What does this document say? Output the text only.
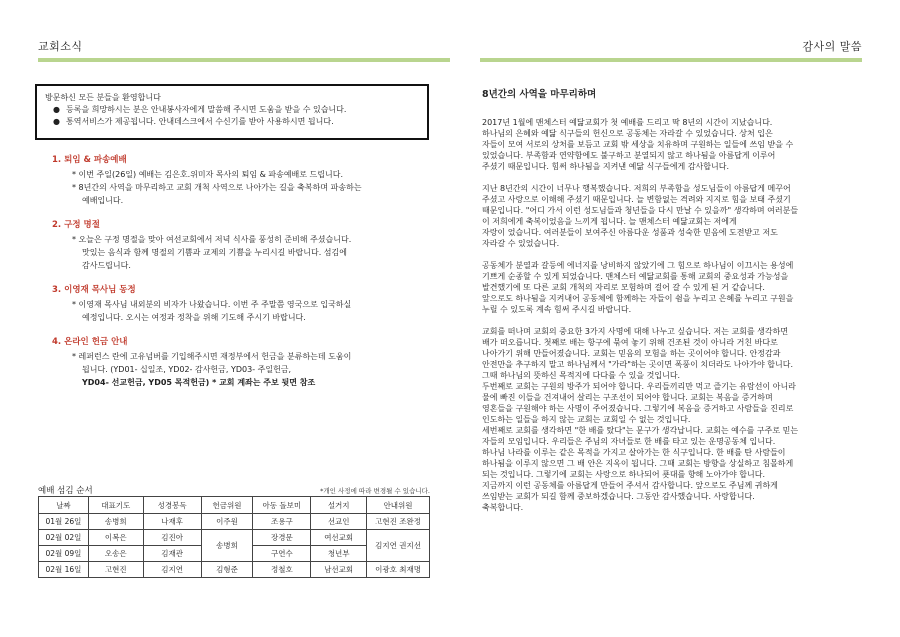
교회소식
방문하신 모든 분들을 환영합니다
● 등록을 희망하시는 분은 안내봉사자에게 말씀해 주시면 도움을 받을 수 있습니다.
● 통역서비스가 제공됩니다. 안내데스크에서 수신기를 받아 사용하시면 됩니다.
1. 퇴임 & 파송예배
* 이번 주일(26일) 예배는 김은호.위미자 목사의 퇴임 & 파송예배로 드립니다.
* 8년간의 사역을 마무리하고 교회 개척 사역으로 나아가는 길을 축복하며 파송하는
예배입니다.
2. 구정 명절
* 오늘은 구정 명절을 맞아 여선교회에서 저녁 식사를 풍성히 준비해 주셨습니다.
맛있는 음식과 함께 명절의 기쁨과 교제의 기쁨을 누리시길 바랍니다. 섬김에
감사드립니다.
3. 이영재 목사님 동정
* 이영재 목사님 내외분의 비자가 나왔습니다. 이번 주 주말쯤 영국으로 입국하실
예정입니다. 오시는 여정과 정착을 위해 기도해 주시기 바랍니다.
4. 온라인 헌금 안내
* 레퍼런스 란에 고유넘버를 기입해주시면 재정부에서 헌금을 분류하는데 도움이
됩니다. (YD01- 십일조, YD02- 감사헌금, YD03- 주일헌금,
YD04- 선교헌금, YD05 목적헌금) * 교회 계좌는 주보 뒷면 참조
예배 섬김 순서	*개인 사정에 따라 변경될 수 있습니다.
날짜	대표기도	성경봉독	헌금위원	아동 돌보미	설거지	안내위원
01월 26일	송병희	나재후	이주원	조용구	선교인	고현진 조완정
02월 02일	이복은	김진아	송병희	장경문	여선교회	김지연 권지선
02월 09일	오송은	김재관		구연수	청년부	
02월 16일	고현진	김지연	김형준	정철호	남선교회	이광호 최재명
감사의 말씀
8년간의 사역을 마무리하며

2017년 1월에 맨체스터 예닮교회가 첫 예배를 드리고 딱 8년의 시간이 지났습니다.
하나님의 은혜와 예닮 식구들의 헌신으로 공동체는 자라갈 수 있었습니다. 상처 입은
자들이 모여 서로의 상처를 보듬고 교회 밖 세상을 치유하며 구원하는 일들에 쓰임 받을 수
있었습니다. 부족함과 연약함에도 불구하고 분열되지 않고 하나됨을 아름답게 이루어
주셨기 때문입니다. 힘써 하나됨을 지켜낸 예닮 식구들에게 감사합니다.

지난 8년간의 시간이 너무나 행복했습니다. 저희의 부족함을 성도님들이 아름답게 메꾸어
주셨고 사랑으로 이해해 주셨기 때문입니다. 늘 변함없는 격려와 지지로 힘을 보태 주셨기
때문입니다. "어디 가서 이런 성도님들과 청년들을 다시 만날 수 있을까" 생각하며 여러분들
이 저희에게 축복이었음을 느끼게 됩니다. 늘 맨체스터 예닮교회는 저에게
자랑이 었습니다. 여러분들이 보여주신 아름다운 성품과 성숙한 믿음에 도전받고 저도
자라갈 수 있었습니다.

공동체가 분열과 갈등에 에너지를 낭비하지 않았기에 그 힘으로 하나님이 이끄시는 용성에
기쁘게 순종할 수 있게 되었습니다. 맨체스터 예닮교회를 통해 교회의 중요성과 가능성을
발견했기에 또 다른 교회 개척의 자리로 모험하며 걸어 갈 수 있게 된 거 같습니다.
앞으로도 하나됨을 지켜내어 공동체에 함께하는 자들이 쉼을 누리고 은혜를 누리고 구원을
누릴 수 있도록 계속 힘써 주시길 바랍니다.

교회를 떠나며 교회의 중요한 3가지 사명에 대해 나누고 싶습니다. 저는 교회를 생각하면
배가 떠오릅니다. 첫째로 배는 항구에 묶여 놓기 위해 건조된 것이 아니라 거친 바다로
나아가기 위해 만들어졌습니다. 교회는 믿음의 모험을 하는 곳이어야 합니다. 안정감과
안전만을 추구하지 말고 하나님께서 "가라"하는 곳이면 폭풍이 치더라도 나아가야 합니다.
그때 하나님의 뜻하신 목적지에 다다를 수 있을 것입니다.
두번째로 교회는 구원의 방주가 되어야 합니다. 우리들끼리만 먹고 즐기는 유람선이 아니라
물에 빠진 이들을 건져내어 살리는 구조선이 되어야 합니다. 교회는 복음을 증거하며
영혼들을 구원해야 하는 사명이 주어졌습니다. 그렇기에 복음을 증거하고 사람들을 진리로
인도하는 일들을 하지 않는 교회는 교회일 수 없는 것입니다.
세번째로 교회를 생각하면 "한 배를 탔다"는 문구가 생각납니다. 교회는 예수를 구주로 믿는
자들의 모임입니다. 우리들은 주님의 자녀들로 한 배를 타고 있는 운명공동체 입니다.
하나님 나라를 이루는 같은 목적을 가지고 살아가는 한 식구입니다. 한 배를 탄 사람들이
하나됨을 이루지 않으면 그 배 안은 지옥이 됩니다. 그때 교회는 방향을 상실하고 침몰하게
되는 것입니다. 그렇기에 교회는 사랑으로 하나되어 푯대를 향해 노아가야 합니다.
지금까지 이런 공동체를 아름답게 만들어 주셔서 감사합니다. 앞으로도 주님께 귀하게
쓰임받는 교회가 되길 함께 중보하겠습니다. 그동안 감사했습니다. 사랑합니다.
축복합니다.
